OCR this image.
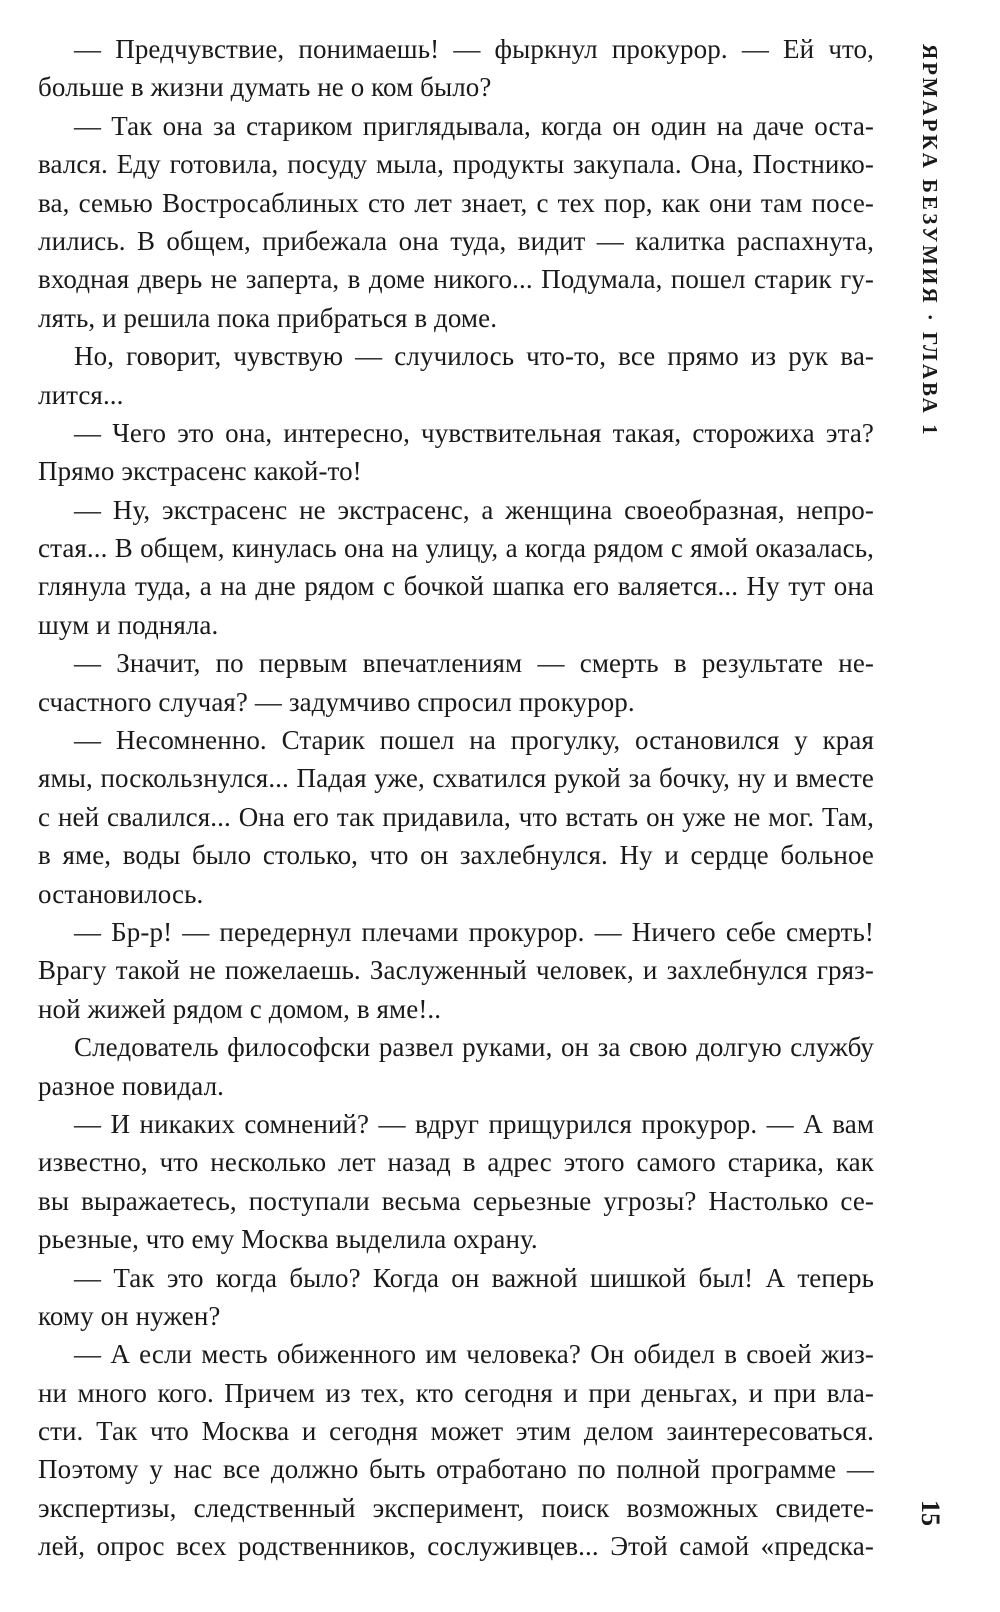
— Предчувствие, понимаешь! — фыркнул прокурор. — Ей что,
больше в жизни думать не о ком было?
— Так она за стариком приглядывала, когда он один на даче оста-
вался. Еду готовила, посуду мыла, продукты закупала. Она, Постнико-
ва, семью Востросаблиных сто лет знает, с тех пор, как они там посе-
лились. В общем, прибежала она туда, видит — калитка распахнута,
входная дверь не заперта, в доме никого... Подумала, пошел старик гу-
лять, и решила пока прибраться в доме.
Но, говорит, чувствую — случилось что-то, все прямо из рук ва-
лится...
— Чего это она, интересно, чувствительная такая, сторожиха эта?
Прямо экстрасенс какой-то!
— Ну, экстрасенс не экстрасенс, а женщина своеобразная, непро-
стая... В общем, кинулась она на улицу, а когда рядом с ямой оказалась,
глянула туда, а на дне рядом с бочкой шапка его валяется... Ну тут она
шум и подняла.
— Значит, по первым впечатлениям — смерть в результате не-
счастного случая? — задумчиво спросил прокурор.
— Несомненно. Старик пошел на прогулку, остановился у края
ямы, поскользнулся... Падая уже, схватился рукой за бочку, ну и вместе
с ней свалился... Она его так придавила, что встать он уже не мог. Там,
в яме, воды было столько, что он захлебнулся. Ну и сердце больное
остановилось.
— Бр-р! — передернул плечами прокурор. — Ничего себе смерть!
Врагу такой не пожелаешь. Заслуженный человек, и захлебнулся гряз-
ной жижей рядом с домом, в яме!..
Следователь философски развел руками, он за свою долгую службу
разное повидал.
— И никаких сомнений? — вдруг прищурился прокурор. — А вам
известно, что несколько лет назад в адрес этого самого старика, как
вы выражаетесь, поступали весьма серьезные угрозы? Настолько се-
рьезные, что ему Москва выделила охрану.
— Так это когда было? Когда он важной шишкой был! А теперь
кому он нужен?
— А если месть обиженного им человека? Он обидел в своей жиз-
ни много кого. Причем из тех, кто сегодня и при деньгах, и при вла-
сти. Так что Москва и сегодня может этим делом заинтересоваться.
Поэтому у нас все должно быть отработано по полной программе —
экспертизы, следственный эксперимент, поиск возможных свидете-
лей, опрос всех родственников, сослуживцев... Этой самой «предска-
ЯРМАРКА БЕЗУМИЯ · ГЛАВА 1
15
